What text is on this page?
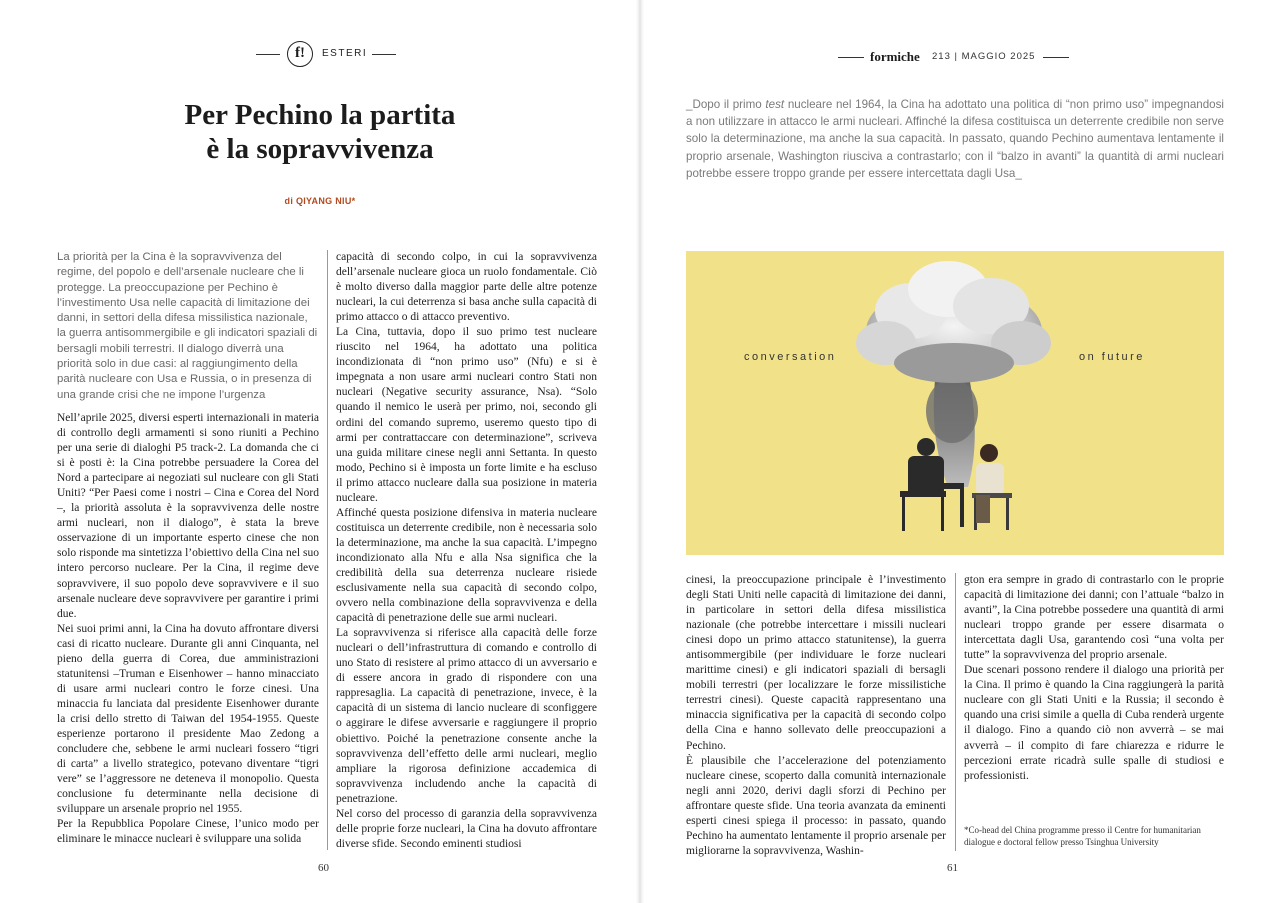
f!	ESTERI
Per Pechino la partita
è la sopravvivenza
di QIYANG NIU*
La priorità per la Cina è la sopravvivenza del regime, del popolo e dell’arsenale nucleare che li protegge. La preoccupazione per Pechino è l’investimento Usa nelle capacità di limitazione dei danni, in settori della difesa missilistica nazionale, la guerra antisommergibile e gli indicatori spaziali di bersagli mobili terrestri. Il dialogo diverrà una priorità solo in due casi: al raggiungimento della parità nucleare con Usa e Russia, o in presenza di una grande crisi che ne impone l’urgenza

Nell’aprile 2025, diversi esperti internazionali in materia di controllo degli armamenti si sono riuniti a Pechino per una serie di dialoghi P5 track-2. La domanda che ci si è posti è: la Cina potrebbe persuadere la Corea del Nord a partecipare ai negoziati sul nucleare con gli Stati Uniti? “Per Paesi come i nostri – Cina e Corea del Nord –, la priorità assoluta è la sopravvivenza delle nostre armi nucleari, non il dialogo”, è stata la breve osservazione di un importante esperto cinese che non solo risponde ma sintetizza l’obiettivo della Cina nel suo intero percorso nucleare. Per la Cina, il regime deve sopravvivere, il suo popolo deve sopravvivere e il suo arsenale nucleare deve sopravvivere per garantire i primi due.

Nei suoi primi anni, la Cina ha dovuto affrontare diversi casi di ricatto nucleare. Durante gli anni Cinquanta, nel pieno della guerra di Corea, due amministrazioni statunitensi –Truman e Eisenhower – hanno minacciato di usare armi nucleari contro le forze cinesi. Una minaccia fu lanciata dal presidente Eisenhower durante la crisi dello stretto di Taiwan del 1954-1955. Queste esperienze portarono il presidente Mao Zedong a concludere che, sebbene le armi nucleari fossero “tigri di carta” a livello strategico, potevano diventare “tigri vere” se l’aggressore ne deteneva il monopolio. Questa conclusione fu determinante nella decisione di sviluppare un arsenale proprio nel 1955.

Per la Repubblica Popolare Cinese, l’unico modo per eliminare le minacce nucleari è sviluppare una solida

capacità di secondo colpo, in cui la sopravvivenza dell’arsenale nucleare gioca un ruolo fondamentale. Ciò è molto diverso dalla maggior parte delle altre potenze nucleari, la cui deterrenza si basa anche sulla capacità di primo attacco o di attacco preventivo.

La Cina, tuttavia, dopo il suo primo test nucleare riuscito nel 1964, ha adottato una politica incondizionata di “non primo uso” (Nfu) e si è impegnata a non usare armi nucleari contro Stati non nucleari (Negative security assurance, Nsa). “Solo quando il nemico le userà per primo, noi, secondo gli ordini del comando supremo, useremo questo tipo di armi per contrattaccare con determinazione”, scriveva una guida militare cinese negli anni Settanta. In questo modo, Pechino si è imposta un forte limite e ha escluso il primo attacco nucleare dalla sua posizione in materia nucleare.

Affinché questa posizione difensiva in materia nucleare costituisca un deterrente credibile, non è necessaria solo la determinazione, ma anche la sua capacità. L’impegno incondizionato alla Nfu e alla Nsa significa che la credibilità della sua deterrenza nucleare risiede esclusivamente nella sua capacità di secondo colpo, ovvero nella combinazione della sopravvivenza e della capacità di penetrazione delle sue armi nucleari.

La sopravvivenza si riferisce alla capacità delle forze nucleari o dell’infrastruttura di comando e controllo di uno Stato di resistere al primo attacco di un avversario e di essere ancora in grado di rispondere con una rappresaglia. La capacità di penetrazione, invece, è la capacità di un sistema di lancio nucleare di sconfiggere o aggirare le difese avversarie e raggiungere il proprio obiettivo. Poiché la penetrazione consente anche la sopravvivenza dell’effetto delle armi nucleari, meglio ampliare la rigorosa definizione accademica di sopravvivenza includendo anche la capacità di penetrazione.

Nel corso del processo di garanzia della sopravvivenza delle proprie forze nucleari, la Cina ha dovuto affrontare diverse sfide. Secondo eminenti studiosi

60
formiche 213 | MAGGIO 2025
_Dopo il primo test nucleare nel 1964, la Cina ha adottato una politica di “non primo uso” impegnandosi a non utilizzare in attacco le armi nucleari. Affinché la difesa costituisca un deterrente credibile non serve solo la determinazione, ma anche la sua capacità. In passato, quando Pechino aumentava lentamente il proprio arsenale, Washington riusciva a contrastarlo; con il “balzo in avanti” la quantità di armi nucleari potrebbe essere troppo grande per essere intercettata dagli Usa_
conversation	on future

cinesi, la preoccupazione principale è l’investimento degli Stati Uniti nelle capacità di limitazione dei danni, in particolare in settori della difesa missilistica nazionale (che potrebbe intercettare i missili nucleari cinesi dopo un primo attacco statunitense), la guerra antisommergibile (per individuare le forze nucleari marittime cinesi) e gli indicatori spaziali di bersagli mobili terrestri (per localizzare le forze missilistiche terrestri cinesi). Queste capacità rappresentano una minaccia significativa per la capacità di secondo colpo della Cina e hanno sollevato delle preoccupazioni a Pechino.

È plausibile che l’accelerazione del potenziamento nucleare cinese, scoperto dalla comunità internazionale negli anni 2020, derivi dagli sforzi di Pechino per affrontare queste sfide. Una teoria avanzata da eminenti esperti cinesi spiega il processo: in passato, quando Pechino ha aumentato lentamente il proprio arsenale per migliorarne la sopravvivenza, Washin-

gton era sempre in grado di contrastarlo con le proprie capacità di limitazione dei danni; con l’attuale “balzo in avanti”, la Cina potrebbe possedere una quantità di armi nucleari troppo grande per essere disarmata o intercettata dagli Usa, garantendo così “una volta per tutte” la sopravvivenza del proprio arsenale.

Due scenari possono rendere il dialogo una priorità per la Cina. Il primo è quando la Cina raggiungerà la parità nucleare con gli Stati Uniti e la Russia; il secondo è quando una crisi simile a quella di Cuba renderà urgente il dialogo. Fino a quando ciò non avverrà – se mai avverrà – il compito di fare chiarezza e ridurre le percezioni errate ricadrà sulle spalle di studiosi e professionisti.

*Co-head del China programme presso il Centre for humanitarian dialogue e doctoral fellow presso Tsinghua University
61
